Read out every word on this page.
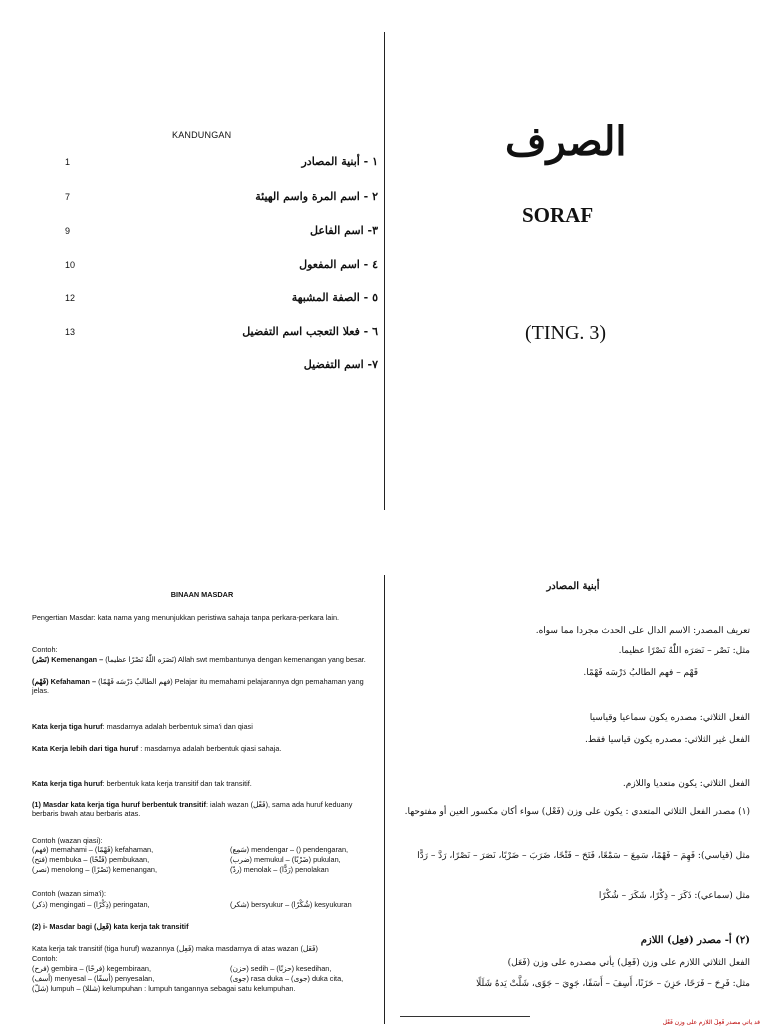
KANDUNGAN
1	١ - أبنية المصادر
7	٢ - اسم المرة واسم الهيئة
9	٣- اسم الفاعل
10	٤ - اسم المفعول
12	٥ - الصفة المشبهة
13	٦ - فعلا التعجب اسم التفضيل
٧- اسم التفضيل
الصرف
SORAF
(TING. 3)
BINAAN MASDAR
Pengertian Masdar: kata nama yang menunjukkan peristiwa sahaja tanpa perkara-perkara lain.
Contoh:
(نَصْر) Kemenangan – (نَصَرَه اللّٰهُ نَصْرًا عظيما) Allah swt membantunya dengan kemenangan yang besar.
(فَهْم) Kefahaman – (فهم الطالبُ دَرْسَه فَهْمًا) Pelajar itu memahami pelajarannya dgn pemahaman yang jelas.
Kata kerja tiga huruf: masdarnya adalah berbentuk sima'i dan qiasi
Kata Kerja lebih dari tiga huruf : masdarnya adalah berbentuk qiasi sahaja.
Kata kerja tiga huruf: berbentuk kata kerja transitif dan tak transitif.
(1) Masdar kata kerja tiga huruf berbentuk transitif: ialah wazan (فَعْل), sama ada huruf keduany berbaris bwah atau berbaris atas.
Contoh (wazan qiasi):
(فهم) memahami – (فَهْمًا) kefahaman,	(سَمِع) mendengar – () pendengaran,
(فتح) membuka – (فَتْحًا) pembukaan,	(ضرب) memukul – (ضَرْبًا) pukulan,
(نصر) menolong – (نَصْرًا) kemenangan,	(ردّ) menolak – (رَدًّا) penolakan
Contoh (wazan sima'i):
(ذكر) mengingati – (ذِكْرًا) peringatan,	(شكر) bersyukur – (شُكْرًا) kesyukuran
(2) i- Masdar bagi (فَعِل) kata kerja tak transitif
Kata kerja tak transitif (tiga huruf) wazannya (فَعِل) maka masdarnya di atas wazan (فَعَل)
Contoh:
(فرح) gembira – (فرحًا) kegembiraan,	(حزن) sedih – (حزنًا) kesedihan,
(أسف) menyesal – (أسفًا) penyesalan,	(جوى) rasa duka – (جوى) duka cita,
(شلّ) lumpuh – (شللا) kelumpuhan : lumpuh tangannya sebagai satu kelumpuhan.
أبنية المصادر
تعريف المصدر: الاسم الدال على الحدث مجردا مما سواه.
مثل: نَصْر – نَصَرَه اللّٰهُ نَصْرًا عظيما.
فَهْم – فهم الطالبُ دَرْسَه فَهْمًا.
الفعل الثلاثي: مصدره يكون سماعيا وقياسيا
الفعل غير الثلاثي: مصدره يكون قياسيا فقط.
الفعل الثلاثي: يكون متعديا واللازم.
(١) مصدر الفعل الثلاثي المتعدي : يكون على وزن (فَعْل) سواء أكان مكسور العين أو مفتوحها.
مثل (قياسي): فَهِمَ – فَهْمًا، سَمِعَ – سَمْعًا، فَتَحَ – فَتْحًا، ضَرَبَ – ضَرْبًا، نَصَرَ – نَصْرًا، رَدَّ – رَدًّا
مثل (سماعي): ذَكَرَ – ذِكْرًا، شَكَرَ – شُكْرًا
(٢) أ- مصدر (فعِل) اللازم
الفعل الثلاثي اللازم على وزن (فَعِل) يأتي مصدره على وزن (فَعَل)
مثل: فَرِحَ – فَرَحًا، حَزِنَ – حَزَنًا، أَسِفَ – أَسَفًا، جَوِيَ – جَوًى، شَلَّتْ يَدهُ شَلَلًا
قد يأتي مصدر فَعِلَ اللازم على وزن فَعْل
